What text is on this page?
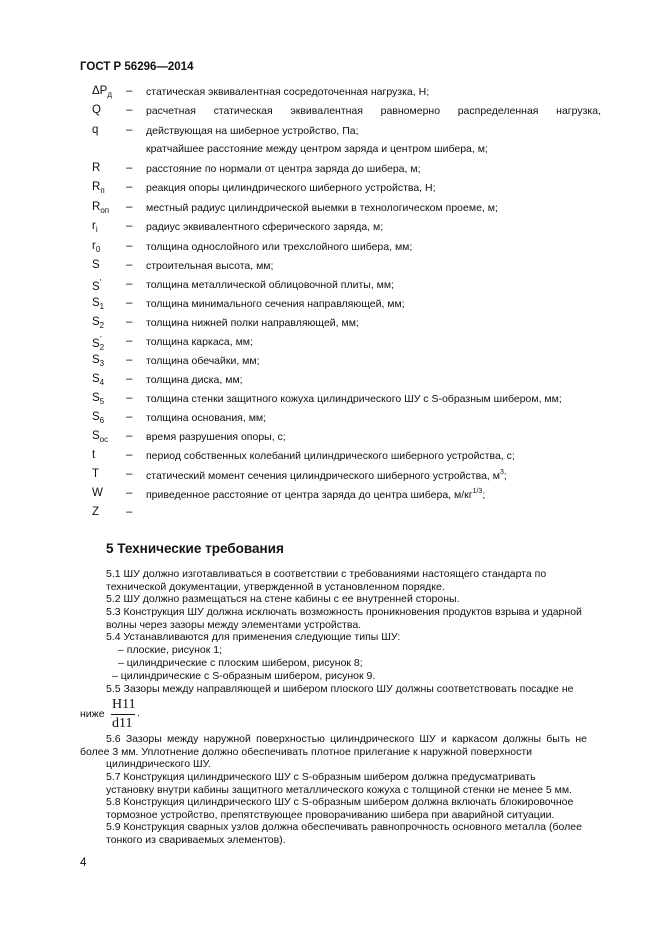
ГОСТ Р 56296—2014
$\Delta P_д$ – статическая эквивалентная сосредоточенная нагрузка, Н;
Q – расчетная статическая эквивалентная равномерно распределенная нагрузка,
q – действующая на шиберное устройство, Па;
кратчайшее расстояние между центром заряда и центром шибера, м;
R – расстояние по нормали от центра заряда до шибера, м;
$R_п$ – реакция опоры цилиндрического шиберного устройства, Н;
$R_{оп}$ – местный радиус цилиндрической выемки в технологическом проеме, м;
$r_i$ – радиус эквивалентного сферического заряда, м;
$r_0$ – толщина однослойного или трехслойного шибера, мм;
S – строительная высота, мм;
S' – толщина металлической облицовочной плиты, мм;
$S_1$ – толщина минимального сечения направляющей, мм;
$S_2$ – толщина нижней полки направляющей, мм;
$S_2'$ – толщина каркаса, мм;
$S_3$ – толщина обечайки, мм;
$S_4$ – толщина диска, мм;
$S_5$ – толщина стенки защитного кожуха цилиндрического ШУ с S-образным шибером, мм;
$S_6$ – толщина основания, мм;
$S_{ос}$ – время разрушения опоры, с;
t	– период собственных колебаний цилиндрического шиберного устройства, с;
T – статический момент сечения цилиндрического шиберного устройства, $м^3$;
W – приведенное расстояние от центра заряда до центра шибера, $м/кг^{1/3}$;
Z –
5 Технические требования
5.1 ШУ должно изготавливаться в соответствии с требованиями настоящего стандарта по
технической документации, утвержденной в установленном порядке.
5.2 ШУ должно размещаться на стене кабины с ее внутренней стороны.
5.3 Конструкция ШУ должна исключать возможность проникновения продуктов взрыва и ударной
волны через зазоры между элементами устройства.
5.4 Устанавливаются для применения следующие типы ШУ:
– плоские, рисунок 1;
– цилиндрические с плоским шибером, рисунок 8;
– цилиндрические с S-образным шибером, рисунок 9.
5.5 Зазоры между направляющей и шибером плоского ШУ должны соответствовать посадке не
ниже
H11
d11
.
5.6 Зазоры между наружной поверхностью цилиндрического ШУ и каркасом должны быть не более 3 мм. Уплотнение должно обеспечивать плотное прилегание к наружной поверхности
цилиндрического ШУ.
5.7 Конструкция цилиндрического ШУ с S-образным шибером должна предусматривать
установку внутри кабины защитного металлического кожуха с толщиной стенки не менее 5 мм.
5.8 Конструкция цилиндрического ШУ с S-образным шибером должна включать блокировочное
тормозное устройство, препятствующее проворачиванию шибера при аварийной ситуации.
5.9 Конструкция сварных узлов должна обеспечивать равнопрочность основного металла (более
тонкого из свариваемых элементов).
4
